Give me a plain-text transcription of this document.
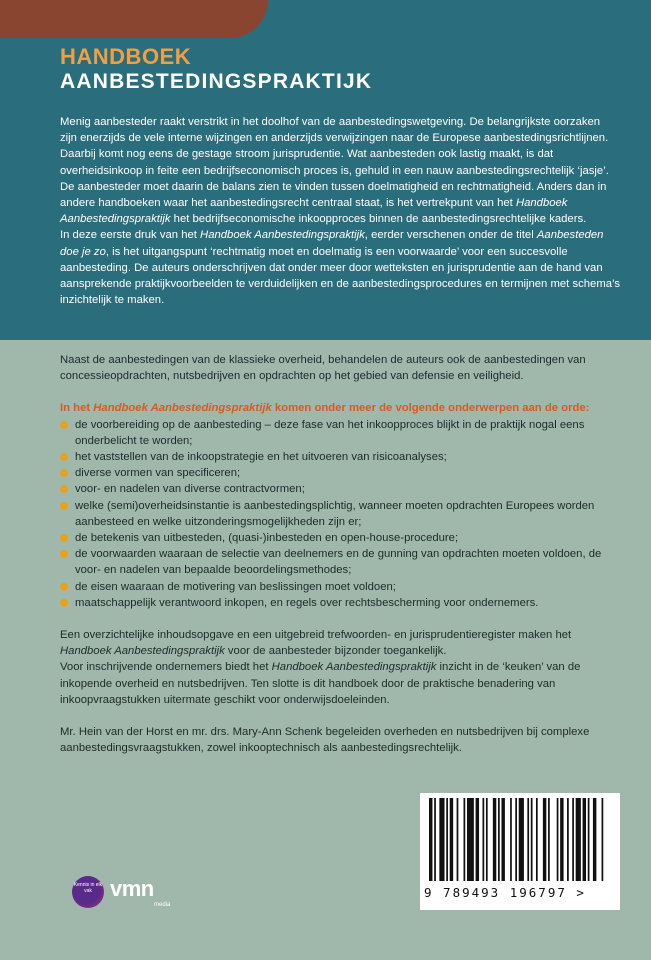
HANDBOEK
AANBESTEDINGSPRAKTIJK

Menig aanbesteder raakt verstrikt in het doolhof van de aanbestedingswetgeving. De belangrijkste oorzaken zijn enerzijds de vele interne wijzingen en anderzijds verwijzingen naar de Europese aanbestedingsrichtlijnen. Daarbij komt nog eens de gestage stroom jurisprudentie. Wat aanbesteden ook lastig maakt, is dat overheidsinkoop in feite een bedrijfseconomisch proces is, gehuld in een nauw aanbestedingsrechtelijk ‘jasje’. De aanbesteder moet daarin de balans zien te vinden tussen doelmatigheid en rechtmatigheid. Anders dan in andere handboeken waar het aanbestedingsrecht centraal staat, is het vertrekpunt van het Handboek Aanbestedingspraktijk het bedrijfseconomische inkoopproces binnen de aanbestedingsrechtelijke kaders.

In deze eerste druk van het Handboek Aanbestedingspraktijk, eerder verschenen onder de titel Aanbesteden doe je zo, is het uitgangspunt ‘rechtmatig moet en doelmatig is een voorwaarde’ voor een succesvolle aanbesteding. De auteurs onderschrijven dat onder meer door wetteksten en jurisprudentie aan de hand van aansprekende praktijkvoorbeelden te verduidelijken en de aanbestedingsprocedures en termijnen met schema’s inzichtelijk te maken.

Naast de aanbestedingen van de klassieke overheid, behandelen de auteurs ook de aanbestedingen van concessieopdrachten, nutsbedrijven en opdrachten op het gebied van defensie en veiligheid.

In het Handboek Aanbestedingspraktijk komen onder meer de volgende onderwerpen aan de orde:

de voorbereiding op de aanbesteding – deze fase van het inkoopproces blijkt in de praktijk nogal eens onderbelicht te worden;
het vaststellen van de inkoopstrategie en het uitvoeren van risicoanalyses;
diverse vormen van specificeren;
voor- en nadelen van diverse contractvormen;
welke (semi)overheidsinstantie is aanbestedingsplichtig, wanneer moeten opdrachten Europees worden aanbesteed en welke uitzonderingsmogelijkheden zijn er;
de betekenis van uitbesteden, (quasi-)inbesteden en open-house-procedure;
de voorwaarden waaraan de selectie van deelnemers en de gunning van opdrachten moeten voldoen, de voor- en nadelen van bepaalde beoordelingsmethodes;
de eisen waaraan de motivering van beslissingen moet voldoen;
maatschappelijk verantwoord inkopen, en regels over rechtsbescherming voor ondernemers.

Een overzichtelijke inhoudsopgave en een uitgebreid trefwoorden- en jurisprudentieregister maken het Handboek Aanbestedingspraktijk voor de aanbesteder bijzonder toegankelijk.

Voor inschrijvende ondernemers biedt het Handboek Aanbestedingspraktijk inzicht in de ‘keuken’ van de inkopende overheid en nutsbedrijven. Ten slotte is dit handboek door de praktische benadering van inkoopvraagstukken uitermate geschikt voor onderwijsdoeleinden.

Mr. Hein van der Horst en mr. drs. Mary-Ann Schenk begeleiden overheden en nutsbedrijven bij complexe aanbestedingsvraagstukken, zowel inkooptechnisch als aanbestedingsrechtelijk.

Kennis in elk vak vmn
media
9 789493 196797 >
